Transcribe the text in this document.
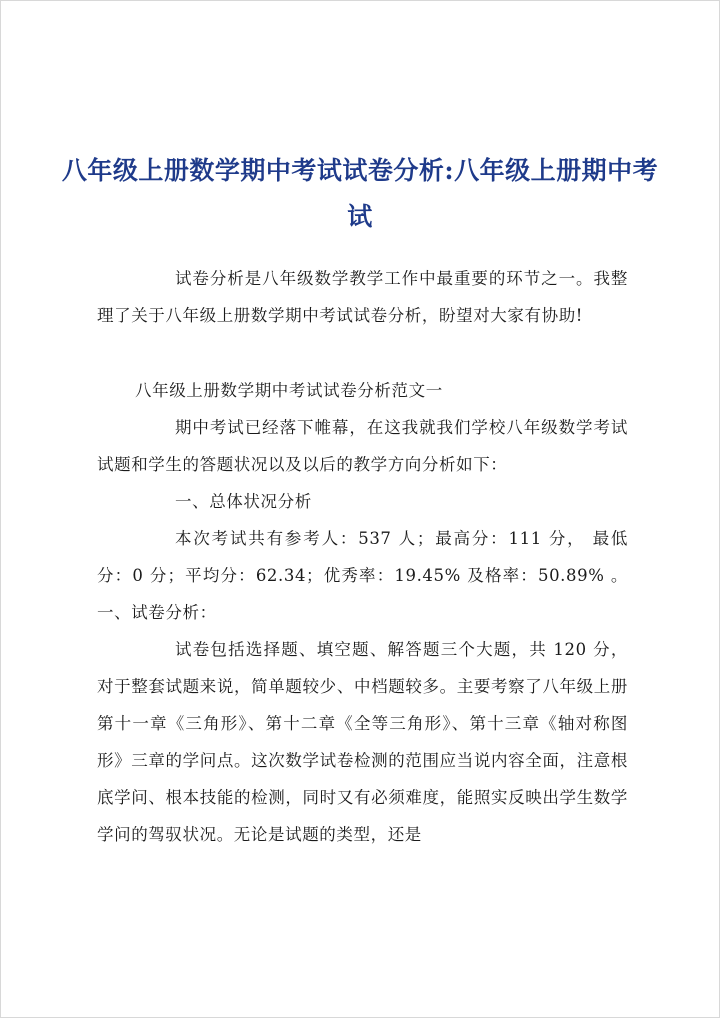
八年级上册数学期中考试试卷分析:八年级上册期中考试

试卷分析是八年级数学教学工作中最重要的环节之一。我整理了关于八年级上册数学期中考试试卷分析，盼望对大家有协助!

八年级上册数学期中考试试卷分析范文一

期中考试已经落下帷幕，在这我就我们学校八年级数学考试试题和学生的答题状况以及以后的教学方向分析如下：

一、总体状况分析

本次考试共有参考人：537 人；最高分：111 分， 最低分：0 分；平均分：62.34；优秀率：19.45% 及格率：50.89% 。 一、试卷分析：

试卷包括选择题、填空题、解答题三个大题，共 120 分，对于整套试题来说，简单题较少、中档题较多。主要考察了八年级上册第十一章《三角形》、第十二章《全等三角形》、第十三章《轴对称图形》三章的学问点。这次数学试卷检测的范围应当说内容全面，注意根底学问、根本技能的检测，同时又有必须难度，能照实反映出学生数学学问的驾驭状况。无论是试题的类型，还是
